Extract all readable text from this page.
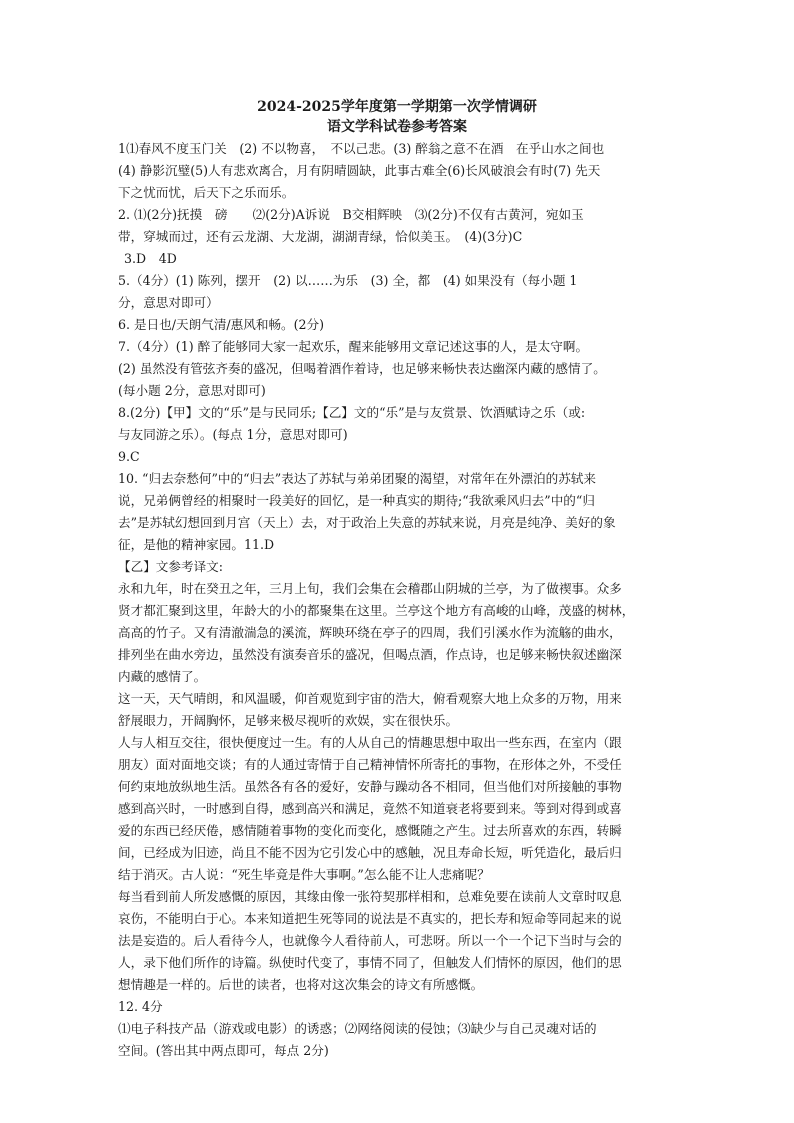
2024-2025学年度第一学期第一次学情调研
语文学科试卷参考答案

1⑴春风不度玉门关　(2) 不以物喜，　不以己悲。(3) 醉翁之意不在酒　在乎山水之间也

(4) 静影沉璧(5)人有悲欢离合，月有阴晴圆缺，此事古难全(6)长风破浪会有时(7) 先天

下之忧而忧，后天下之乐而乐。

2. ⑴(2分)抚摸　磅　　⑵(2分)A诉说　B交相辉映　⑶(2分)不仅有古黄河，宛如玉

带，穿城而过，还有云龙湖、大龙湖，湖湖青绿，恰似美玉。　(4)(3分)C

3.D　4D

5.（4分）(1) 陈列，摆开　(2) 以……为乐　(3) 全，都　(4) 如果没有（每小题 1

分，意思对即可）

6. 是日也/天朗气清/惠风和畅。(2分)

7.（4分）(1) 醉了能够同大家一起欢乐，醒来能够用文章记述这事的人，是太守啊。

(2) 虽然没有管弦齐奏的盛况，但喝着酒作着诗，也足够来畅快表达幽深内藏的感情了。

(每小题 2分，意思对即可)

8.(2分)【甲】文的“乐”是与民同乐;【乙】文的“乐”是与友赏景、饮酒赋诗之乐（或:

与友同游之乐）。(每点 1分，意思对即可)

9.C

10. “归去奈愁何”中的“归去”表达了苏轼与弟弟团聚的渴望，对常年在外漂泊的苏轼来

说，兄弟俩曾经的相聚时一段美好的回忆，是一种真实的期待;“我欲乘风归去”中的“归

去”是苏轼幻想回到月宫（天上）去，对于政治上失意的苏轼来说，月亮是纯净、美好的象

征，是他的精神家园。11.D

【乙】文参考译文:

永和九年，时在癸丑之年，三月上旬，我们会集在会稽郡山阴城的兰亭，为了做禊事。众多

贤才都汇聚到这里，年龄大的小的都聚集在这里。兰亭这个地方有高峻的山峰，茂盛的树林，

高高的竹子。又有清澈湍急的溪流，辉映环绕在亭子的四周，我们引溪水作为流觞的曲水，

排列坐在曲水旁边，虽然没有演奏音乐的盛况，但喝点酒，作点诗，也足够来畅快叙述幽深

内藏的感情了。

这一天，天气晴朗，和风温暖，仰首观览到宇宙的浩大，俯看观察大地上众多的万物，用来

舒展眼力，开阔胸怀，足够来极尽视听的欢娱，实在很快乐。

人与人相互交往，很快便度过一生。有的人从自己的情趣思想中取出一些东西，在室内（跟

朋友）面对面地交谈；有的人通过寄情于自己精神情怀所寄托的事物，在形体之外，不受任

何约束地放纵地生活。虽然各有各的爱好，安静与躁动各不相同，但当他们对所接触的事物

感到高兴时，一时感到自得，感到高兴和满足，竟然不知道衰老将要到来。等到对得到或喜

爱的东西已经厌倦，感情随着事物的变化而变化，感慨随之产生。过去所喜欢的东西，转瞬

间，已经成为旧迹，尚且不能不因为它引发心中的感触，况且寿命长短，听凭造化，最后归

结于消灭。古人说：“死生毕竟是件大事啊。”怎么能不让人悲痛呢？

每当看到前人所发感慨的原因，其缘由像一张符契那样相和，总难免要在读前人文章时叹息

哀伤，不能明白于心。本来知道把生死等同的说法是不真实的，把长寿和短命等同起来的说

法是妄造的。后人看待今人，也就像今人看待前人，可悲呀。所以一个一个记下当时与会的

人，录下他们所作的诗篇。纵使时代变了，事情不同了，但触发人们情怀的原因，他们的思

想情趣是一样的。后世的读者，也将对这次集会的诗文有所感慨。

12. 4分

⑴电子科技产品（游戏或电影）的诱惑；⑵网络阅读的侵蚀；⑶缺少与自己灵魂对话的

空间。(答出其中两点即可，每点 2分)
